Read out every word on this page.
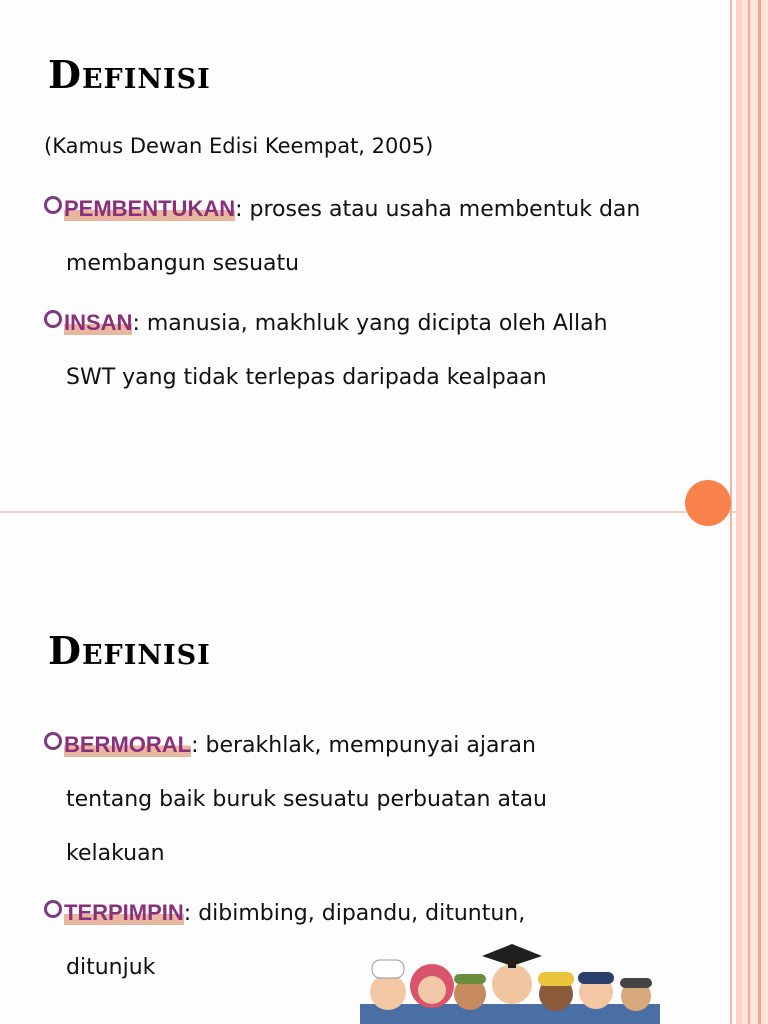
Definisi
(Kamus Dewan Edisi Keempat, 2005)
PEMBENTUKAN: proses atau usaha membentuk dan
membangun sesuatu
INSAN: manusia, makhluk yang dicipta oleh Allah
SWT yang tidak terlepas daripada kealpaan
Definisi
BERMORAL: berakhlak, mempunyai ajaran
tentang baik buruk sesuatu perbuatan atau
kelakuan
TERPIMPIN: dibimbing, dipandu, dituntun,
ditunjuk
